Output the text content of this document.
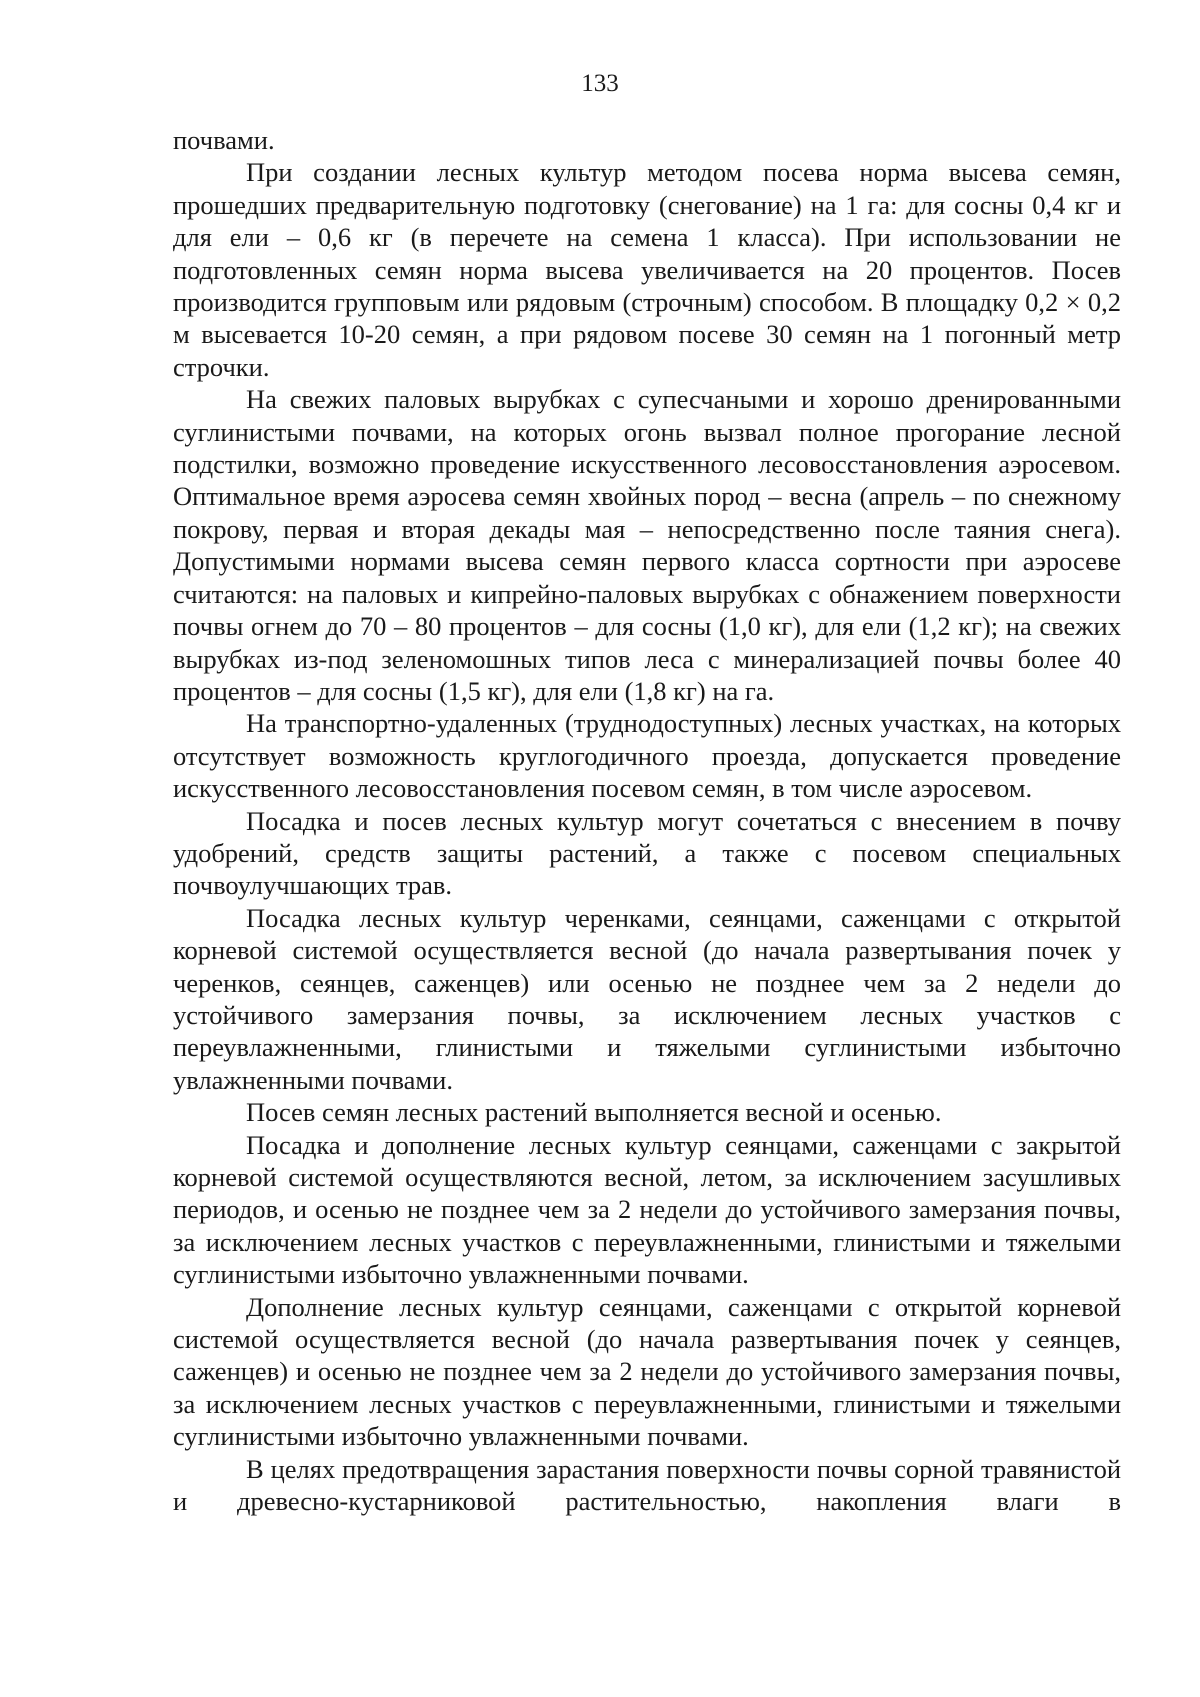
133

почвами.

При создании лесных культур методом посева норма высева семян, прошедших предварительную подготовку (снегование) на 1 га: для сосны 0,4 кг и для ели – 0,6 кг (в перечете на семена 1 класса). При использовании не подготовленных семян норма высева увеличивается на 20 процентов. Посев производится групповым или рядовым (строчным) способом. В площадку 0,2 × 0,2 м высевается 10-20 семян, а при рядовом посеве 30 семян на 1 погонный метр строчки.

На свежих паловых вырубках с супесчаными и хорошо дренированными суглинистыми почвами, на которых огонь вызвал полное прогорание лесной подстилки, возможно проведение искусственного лесовосстановления аэросевом. Оптимальное время аэросева семян хвойных пород – весна (апрель – по снежному покрову, первая и вторая декады мая – непосредственно после таяния снега). Допустимыми нормами высева семян первого класса сортности при аэросеве считаются: на паловых и кипрейно-паловых вырубках с обнажением поверхности почвы огнем до 70 – 80 процентов – для сосны (1,0 кг), для ели (1,2 кг); на свежих вырубках из-под зеленомошных типов леса с минерализацией почвы более 40 процентов – для сосны (1,5 кг), для ели (1,8 кг) на га.

На транспортно-удаленных (труднодоступных) лесных участках, на которых отсутствует возможность круглогодичного проезда, допускается проведение искусственного лесовосстановления посевом семян, в том числе аэросевом.

Посадка и посев лесных культур могут сочетаться с внесением в почву удобрений, средств защиты растений, а также с посевом специальных почвоулучшающих трав.

Посадка лесных культур черенками, сеянцами, саженцами с открытой корневой системой осуществляется весной (до начала развертывания почек у черенков, сеянцев, саженцев) или осенью не позднее чем за 2 недели до устойчивого замерзания почвы, за исключением лесных участков с переувлажненными, глинистыми и тяжелыми суглинистыми избыточно увлажненными почвами.

Посев семян лесных растений выполняется весной и осенью.

Посадка и дополнение лесных культур сеянцами, саженцами с закрытой корневой системой осуществляются весной, летом, за исключением засушливых периодов, и осенью не позднее чем за 2 недели до устойчивого замерзания почвы, за исключением лесных участков с переувлажненными, глинистыми и тяжелыми суглинистыми избыточно увлажненными почвами.

Дополнение лесных культур сеянцами, саженцами с открытой корневой системой осуществляется весной (до начала развертывания почек у сеянцев, саженцев) и осенью не позднее чем за 2 недели до устойчивого замерзания почвы, за исключением лесных участков с переувлажненными, глинистыми и тяжелыми суглинистыми избыточно увлажненными почвами.

В целях предотвращения зарастания поверхности почвы сорной травянистой и древесно-кустарниковой растительностью, накопления влаги в
